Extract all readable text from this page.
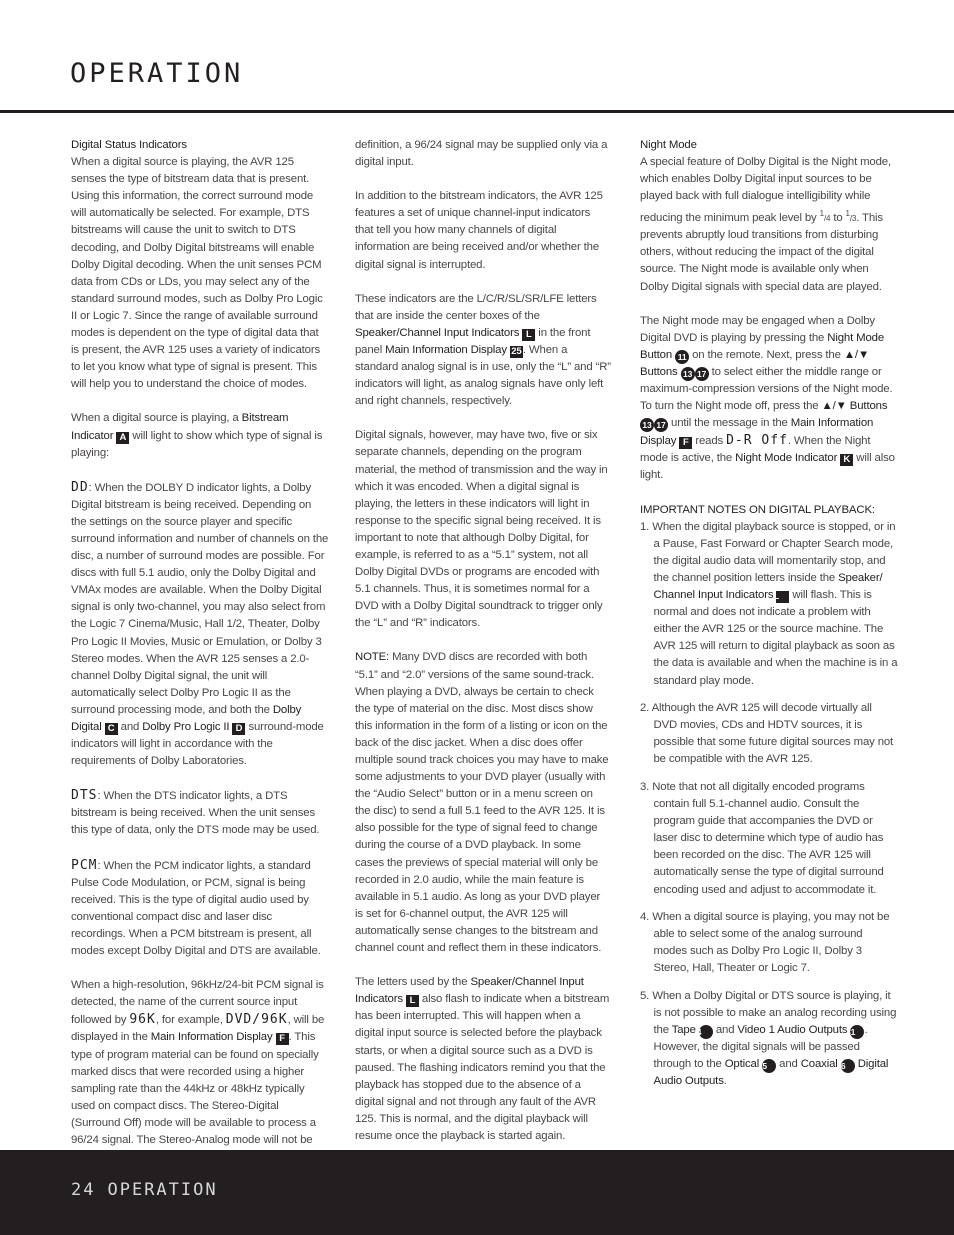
OPERATION

Digital Status Indicators

When a digital source is playing, the AVR 125 senses the type of bitstream data that is present. Using this information, the correct surround mode will automatically be selected. For example, DTS bitstreams will cause the unit to switch to DTS decoding, and Dolby Digital bitstreams will enable Dolby Digital decoding. When the unit senses PCM data from CDs or LDs, you may select any of the standard surround modes, such as Dolby Pro Logic II or Logic 7. Since the range of available surround modes is dependent on the type of digital data that is present, the AVR 125 uses a variety of indicators to let you know what type of signal is present. This will help you to understand the choice of modes.

When a digital source is playing, a Bitstream Indicator A will light to show which type of signal is playing:

DD: When the DOLBY D indicator lights, a Dolby Digital bitstream is being received. Depending on the settings on the source player and specific surround information and number of channels on the disc, a number of surround modes are possible. For discs with full 5.1 audio, only the Dolby Digital and VMAx modes are available. When the Dolby Digital signal is only two-channel, you may also select from the Logic 7 Cinema/Music, Hall 1/2, Theater, Dolby Pro Logic II Movies, Music or Emulation, or Dolby 3 Stereo modes. When the AVR 125 senses a 2.0-channel Dolby Digital signal, the unit will automatically select Dolby Pro Logic II as the surround processing mode, and both the Dolby Digital C and Dolby Pro Logic II D surround-mode indicators will light in accordance with the requirements of Dolby Laboratories.

DTS: When the DTS indicator lights, a DTS bitstream is being received. When the unit senses this type of data, only the DTS mode may be used.

PCM: When the PCM indicator lights, a standard Pulse Code Modulation, or PCM, signal is being received. This is the type of digital audio used by conventional compact disc and laser disc recordings. When a PCM bitstream is present, all modes except Dolby Digital and DTS are available.

When a high-resolution, 96kHz/24-bit PCM signal is detected, the name of the current source input followed by 96K, for example, DVD/96K, will be displayed in the Main Information Display F . This type of program material can be found on specially marked discs that were recorded using a higher sampling rate than the 44kHz or 48kHz typically used on compact discs. The Stereo-Digital (Surround Off) mode will be available to process a 96/24 signal. The Stereo-Analog mode will not be

definition, a 96/24 signal may be supplied only via a digital input.

In addition to the bitstream indicators, the AVR 125 features a set of unique channel-input indicators that tell you how many channels of digital information are being received and/or whether the digital signal is interrupted.

These indicators are the L/C/R/SL/SR/LFE letters that are inside the center boxes of the Speaker/Channel Input Indicators L in the front panel Main Information Display 25. When a standard analog signal is in use, only the “L” and “R” indicators will light, as analog signals have only left and right channels, respectively.

Digital signals, however, may have two, five or six separate channels, depending on the program material, the method of transmission and the way in which it was encoded. When a digital signal is playing, the letters in these indicators will light in response to the specific signal being received. It is important to note that although Dolby Digital, for example, is referred to as a “5.1” system, not all Dolby Digital DVDs or programs are encoded with 5.1 channels. Thus, it is sometimes normal for a DVD with a Dolby Digital soundtrack to trigger only the “L” and “R” indicators.

NOTE: Many DVD discs are recorded with both “5.1” and “2.0” versions of the same sound-track. When playing a DVD, always be certain to check the type of material on the disc. Most discs show this information in the form of a listing or icon on the back of the disc jacket. When a disc does offer multiple sound track choices you may have to make some adjustments to your DVD player (usually with the “Audio Select” button or in a menu screen on the disc) to send a full 5.1 feed to the AVR 125. It is also possible for the type of signal feed to change during the course of a DVD playback. In some cases the previews of special material will only be recorded in 2.0 audio, while the main feature is available in 5.1 audio. As long as your DVD player is set for 6-channel output, the AVR 125 will automatically sense changes to the bitstream and channel count and reflect them in these indicators.

The letters used by the Speaker/Channel Input Indicators L also flash to indicate when a bitstream has been interrupted. This will happen when a digital input source is selected before the playback starts, or when a digital source such as a DVD is paused. The flashing indicators remind you that the playback has stopped due to the absence of a digital signal and not through any fault of the AVR 125. This is normal, and the digital playback will resume once the playback is started again.

Night Mode

A special feature of Dolby Digital is the Night mode, which enables Dolby Digital input sources to be played back with full dialogue intelligibility while reducing the minimum peak level by $^1$/4 to $^1$/3. This prevents abruptly loud transitions from disturbing others, without reducing the impact of the digital source. The Night mode is available only when Dolby Digital signals with special data are played.

The Night mode may be engaged when a Dolby Digital DVD is playing by pressing the Night Mode Button 11 on the remote. Next, press the ▲/▼ Buttons 13 17 to select either the middle range or maximum-compression versions of the Night mode. To turn the Night mode off, press the ▲/▼ Buttons 13 17 until the message in the Main Information Display F reads D-R Off. When the Night mode is active, the Night Mode Indicator K will also light.

IMPORTANT NOTES ON DIGITAL PLAYBACK:

1. When the digital playback source is stopped, or in a Pause, Fast Forward or Chapter Search mode, the digital audio data will momentarily stop, and the channel position letters inside the Speaker/ Channel Input Indicators L will flash. This is normal and does not indicate a problem with either the AVR 125 or the source machine. The AVR 125 will return to digital playback as soon as the data is available and when the machine is in a standard play mode.
2. Although the AVR 125 will decode virtually all DVD movies, CDs and HDTV sources, it is possible that some future digital sources may not be compatible with the AVR 125.
3. Note that not all digitally encoded programs contain full 5.1-channel audio. Consult the program guide that accompanies the DVD or laser disc to determine which type of audio has been recorded on the disc. The AVR 125 will automatically sense the type of digital surround encoding used and adjust to accommodate it.
4. When a digital source is playing, you may not be able to select some of the analog surround modes such as Dolby Pro Logic II, Dolby 3 Stereo, Hall, Theater or Logic 7.
5. When a Dolby Digital or DTS source is playing, it is not possible to make an analog recording using the Tape 4 and Video 1 Audio Outputs 31 . However, the digital signals will be passed through to the Optical 15 and Coaxial 16 Digital Audio Outputs.
24 OPERATION
